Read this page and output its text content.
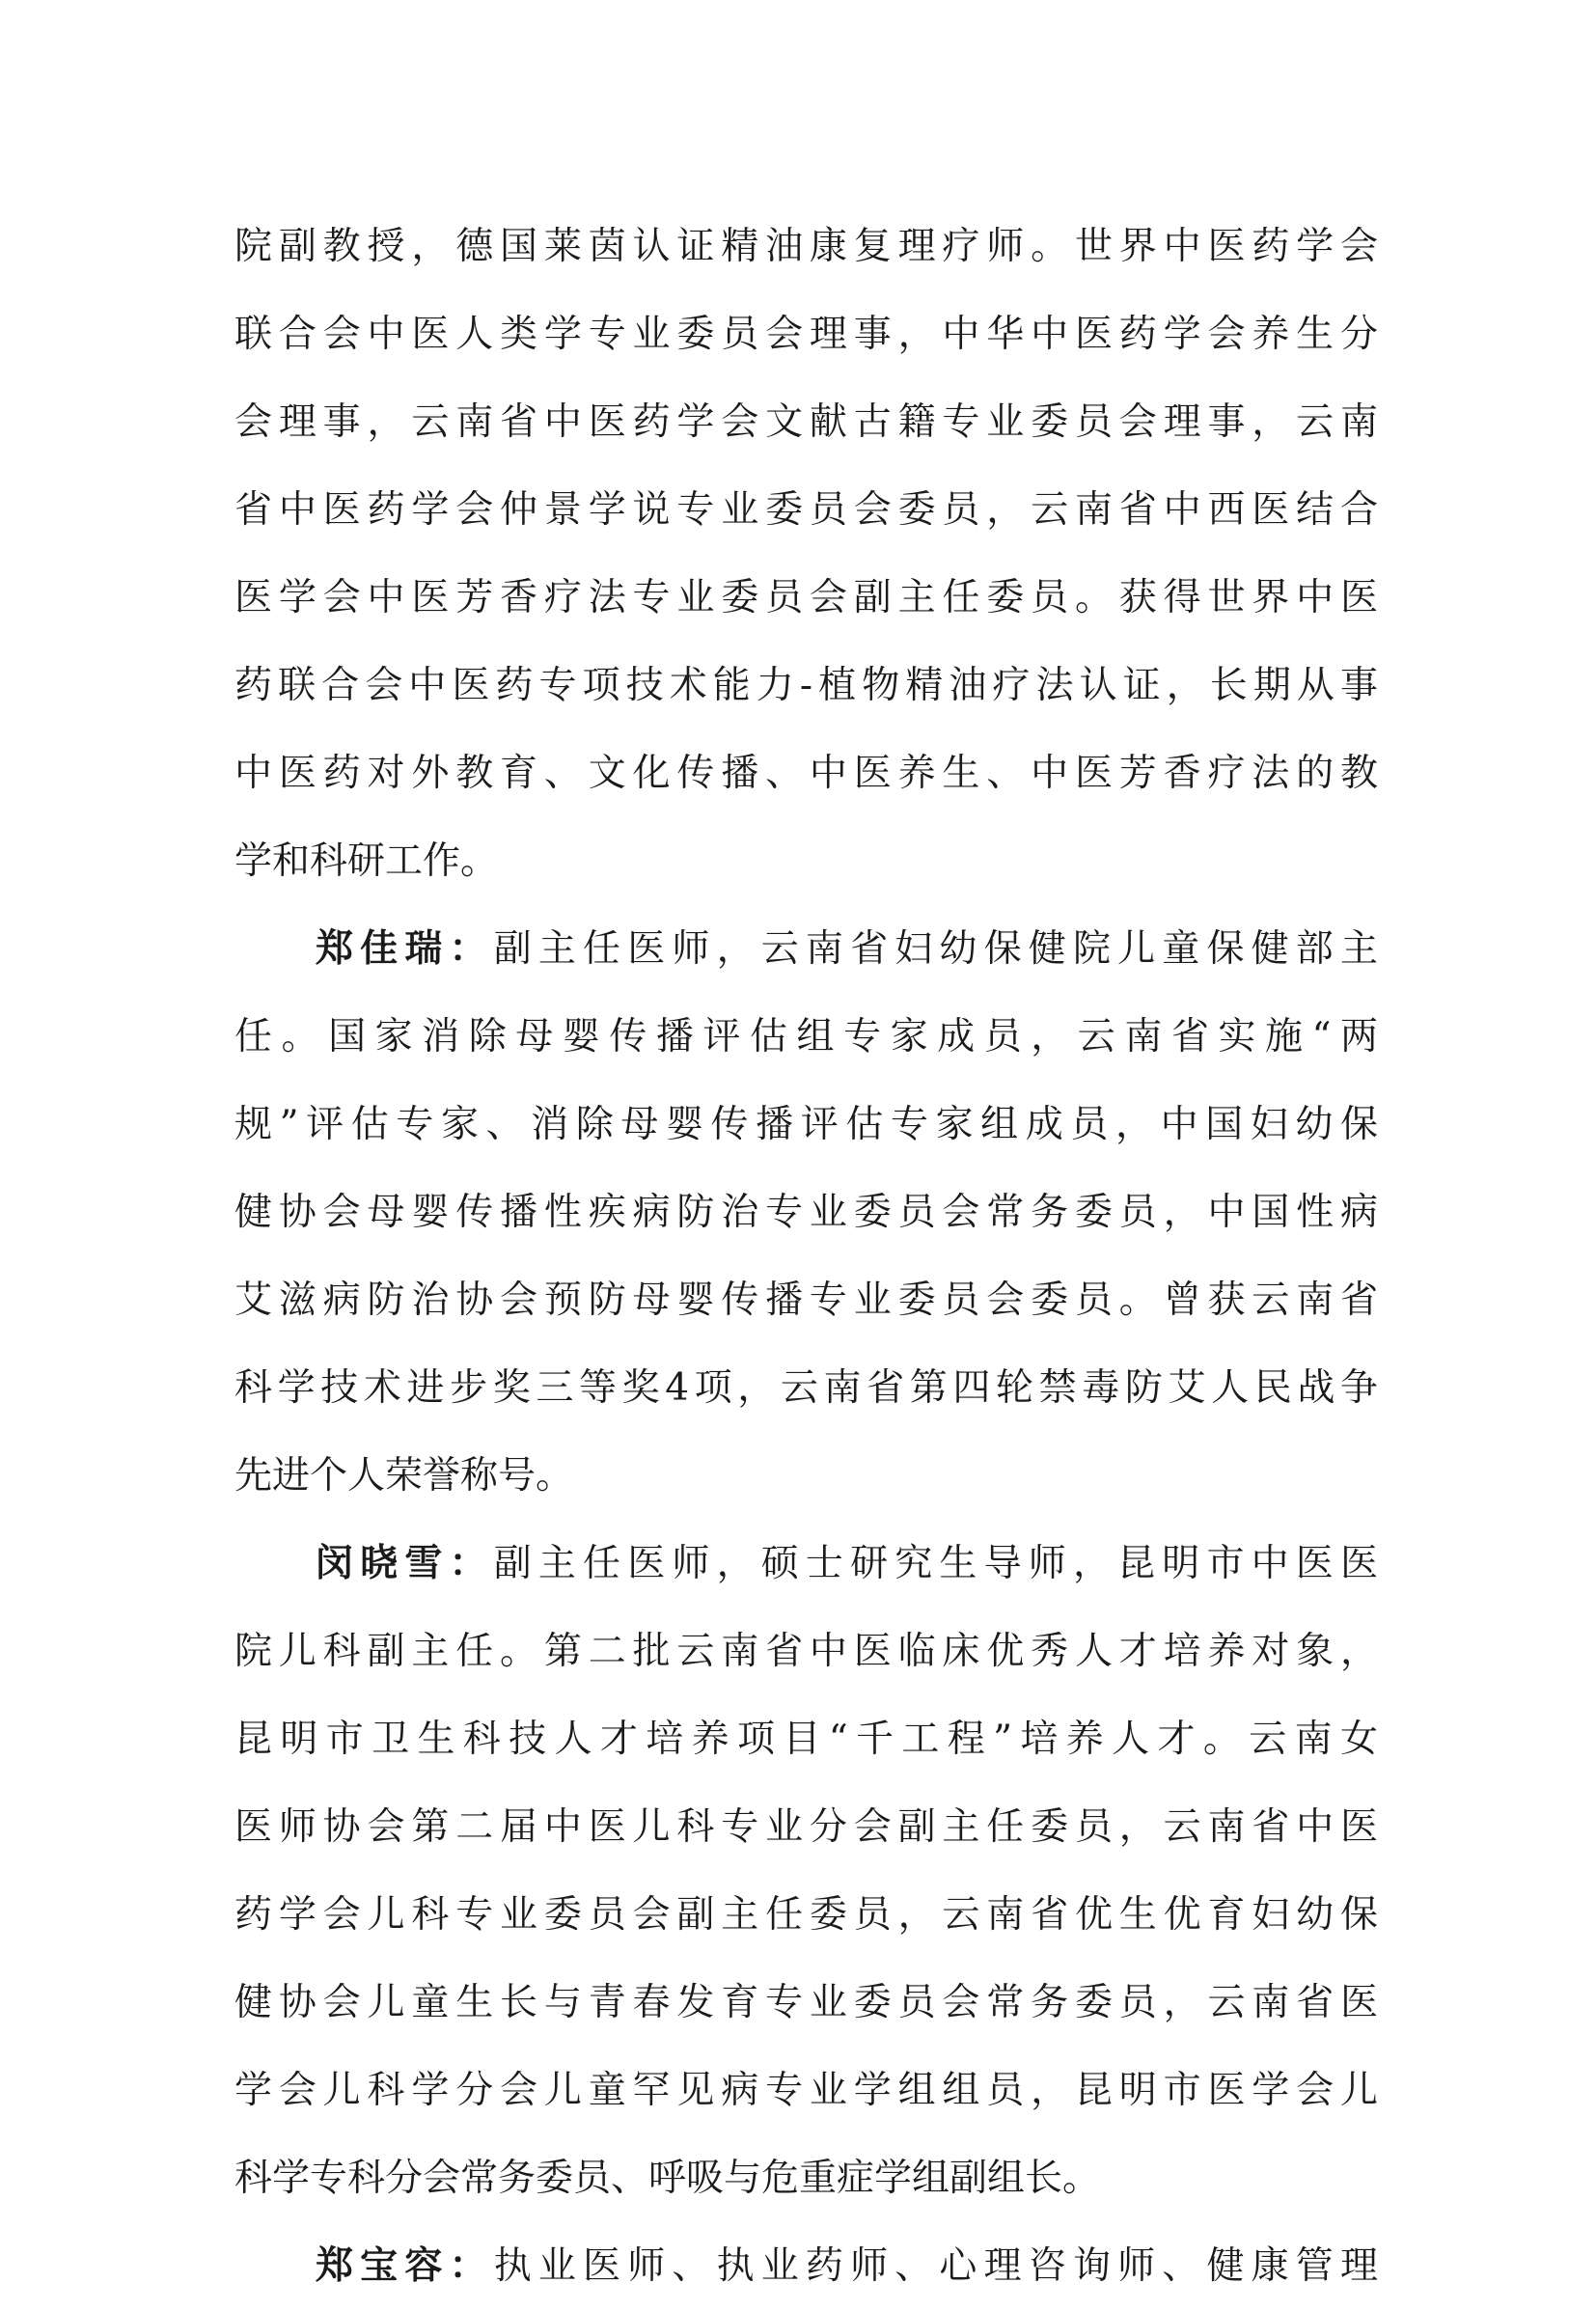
院副教授，德国莱茵认证精油康复理疗师。世界中医药学会
联合会中医人类学专业委员会理事，中华中医药学会养生分
会理事，云南省中医药学会文献古籍专业委员会理事，云南
省中医药学会仲景学说专业委员会委员，云南省中西医结合
医学会中医芳香疗法专业委员会副主任委员。获得世界中医
药联合会中医药专项技术能力-植物精油疗法认证，长期从事
中医药对外教育、文化传播、中医养生、中医芳香疗法的教
学和科研工作。
郑佳瑞：副主任医师，云南省妇幼保健院儿童保健部主
任。国家消除母婴传播评估组专家成员，云南省实施“两
规”评估专家、消除母婴传播评估专家组成员，中国妇幼保
健协会母婴传播性疾病防治专业委员会常务委员，中国性病
艾滋病防治协会预防母婴传播专业委员会委员。曾获云南省
科学技术进步奖三等奖4项，云南省第四轮禁毒防艾人民战争
先进个人荣誉称号。
闵晓雪：副主任医师，硕士研究生导师，昆明市中医医
院儿科副主任。第二批云南省中医临床优秀人才培养对象，
昆明市卫生科技人才培养项目“千工程”培养人才。云南女
医师协会第二届中医儿科专业分会副主任委员，云南省中医
药学会儿科专业委员会副主任委员，云南省优生优育妇幼保
健协会儿童生长与青春发育专业委员会常务委员，云南省医
学会儿科学分会儿童罕见病专业学组组员，昆明市医学会儿
科学专科分会常务委员、呼吸与危重症学组副组长。
郑宝容：执业医师、执业药师、心理咨询师、健康管理
